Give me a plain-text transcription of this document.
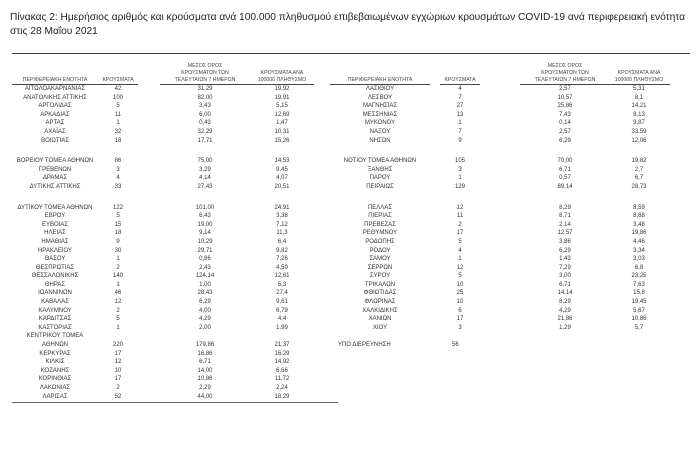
Πίνακας 2: Ημερήσιος αριθμός και κρούσματα ανά 100.000 πληθυσμού επιβεβαιωμένων εγχώριων κρουσμάτων COVID-19 ανά περιφερειακή ενότητα στις 28 Μαΐου 2021
ΠΕΡΙΦΕΡΕΙΑΚΗ ΕΝΟΤΗΤΑ	ΚΡΟΥΣΜΑΤΑ
ΜΕΣΟΣ ΟΡΟΣ
ΚΡΟΥΣΜΑΤΩΝ ΤΩΝ
ΤΕΛΕΥΤΑΙΩΝ 7 ΗΜΕΡΩΝ
ΚΡΟΥΣΜΑΤΑ ΑΝΑ
100000 ΠΛΗΘΥΣΜΟ	ΠΕΡΙΦΕΡΕΙΑΚΗ ΕΝΟΤΗΤΑ	ΚΡΟΥΣΜΑΤΑ
ΜΕΣΟΣ ΟΡΟΣ
ΚΡΟΥΣΜΑΤΩΝ ΤΩΝ
ΤΕΛΕΥΤΑΙΩΝ 7 ΗΜΕΡΩΝ
ΚΡΟΥΣΜΑΤΑ ΑΝΑ
100000 ΠΛΗΘΥΣΜΟ
ΑΙΤΩΛΟΑΚΑΡΝΑΝΙΑΣ	42	31,29	19,92	ΛΑΣΙΘΙΟΥ	4	2,57	5,31
ΑΝΑΤΟΛΙΚΗΣ ΑΤΤΙΚΗΣ	100	82,00	19,91	ΛΕΣΒΟΥ	7	10,57	8,1
ΑΡΓΟΛΙΔΑΣ	5	3,43	5,15	ΜΑΓΝΗΣΙΑΣ	27	25,86	14,21
ΑΡΚΑΔΙΑΣ	11	6,00	12,69	ΜΕΣΣΗΝΙΑΣ	13	7,43	8,13
ΑΡΤΑΣ	1	0,43	1,47	ΜΥΚΟΝΟΥ	1	0,14	9,87
ΑΧΑΪΑΣ	32	32,29	10,31	ΝΑΞΟΥ	7	2,57	33,59
ΒΟΙΩΤΙΑΣ	18	17,71	15,26	ΝΗΣΩΝ	9	6,29	12,06
ΒΟΡΕΙΟΥ ΤΟΜΕΑ ΑΘΗΝΩΝ	86	75,00	14,53	ΝΟΤΙΟΥ ΤΟΜΕΑ ΑΘΗΝΩΝ	105	70,00	19,82
ΓΡΕΒΕΝΩΝ	3	3,29	9,45	ΞΑΝΘΗΣ	3	6,71	2,7
ΔΡΑΜΑΣ	4	4,14	4,07	ΠΑΡΟΥ	1	0,57	6,7
ΔΥΤΙΚΗΣ ΑΤΤΙΚΗΣ	33	27,43	20,51	ΠΕΙΡΑΙΩΣ	129	89,14	28,73
ΔΥΤΙΚΟΥ ΤΟΜΕΑ ΑΘΗΝΩΝ	122	101,00	24,91	ΠΕΛΛΑΣ	12	8,29	8,59
ΕΒΡΟΥ	5	6,43	3,38	ΠΙΕΡΙΑΣ	11	8,71	8,68
ΕΥΒΟΙΑΣ	15	19,00	7,12	ΠΡΕΒΕΖΑΣ	2	2,14	3,48
ΗΛΕΙΑΣ	18	9,14	11,3	ΡΕΘΥΜΝΟΥ	17	12,57	19,86
ΗΜΑΘΙΑΣ	9	10,29	6,4	ΡΟΔΟΠΗΣ	5	3,86	4,46
ΗΡΑΚΛΕΙΟΥ	30	29,71	9,82	ΡΟΔΟΥ	4	6,29	3,34
ΘΑΣΟΥ	1	0,86	7,26	ΣΑΜΟΥ	1	1,43	3,03
ΘΕΣΠΡΩΤΙΑΣ	2	2,43	4,59	ΣΕΡΡΩΝ	12	7,29	6,8
ΘΕΣΣΑΛΟΝΙΚΗΣ	140	124,14	12,61	ΣΥΡΟΥ	5	3,00	23,25
ΘΗΡΑΣ	1	1,00	5,3	ΤΡΙΚΑΛΩΝ	10	6,71	7,63
ΙΩΑΝΝΙΝΩΝ	46	28,43	27,4	ΦΘΙΩΤΙΔΑΣ	25	14,14	15,8
ΚΑΒΑΛΑΣ	12	6,29	9,61	ΦΛΩΡΙΝΑΣ	10	8,29	19,45
ΚΑΛΥΜΝΟΥ	2	4,00	6,79	ΧΑΛΚΙΔΙΚΗΣ	6	4,29	5,67
ΚΑΡΔΙΤΣΑΣ	5	4,29	4,4	ΧΑΝΙΩΝ	17	21,86	10,86
ΚΑΣΤΟΡΙΑΣ	1	2,00	1.99	ΧΙΟΥ	3	1,29	5,7
ΚΕΝΤΡΙΚΟΥ ΤΟΜΕΑ
ΑΘΗΝΩΝ	220	179,86	21,37	ΥΠΟ ΔΙΕΡΕΥΝΗΣΗ	56
ΚΕΡΚΥΡΑΣ	17	16,86	16,29
ΚΙΛΚΙΣ	12	6,71	14,92
ΚΟΖΑΝΗΣ	10	14,00	6,66
ΚΟΡΙΝΘΙΑΣ	17	10,86	11,72
ΛΑΚΩΝΙΑΣ	2	2,29	2,24
ΛΑΡΙΣΑΣ	52	44,00	18,29
